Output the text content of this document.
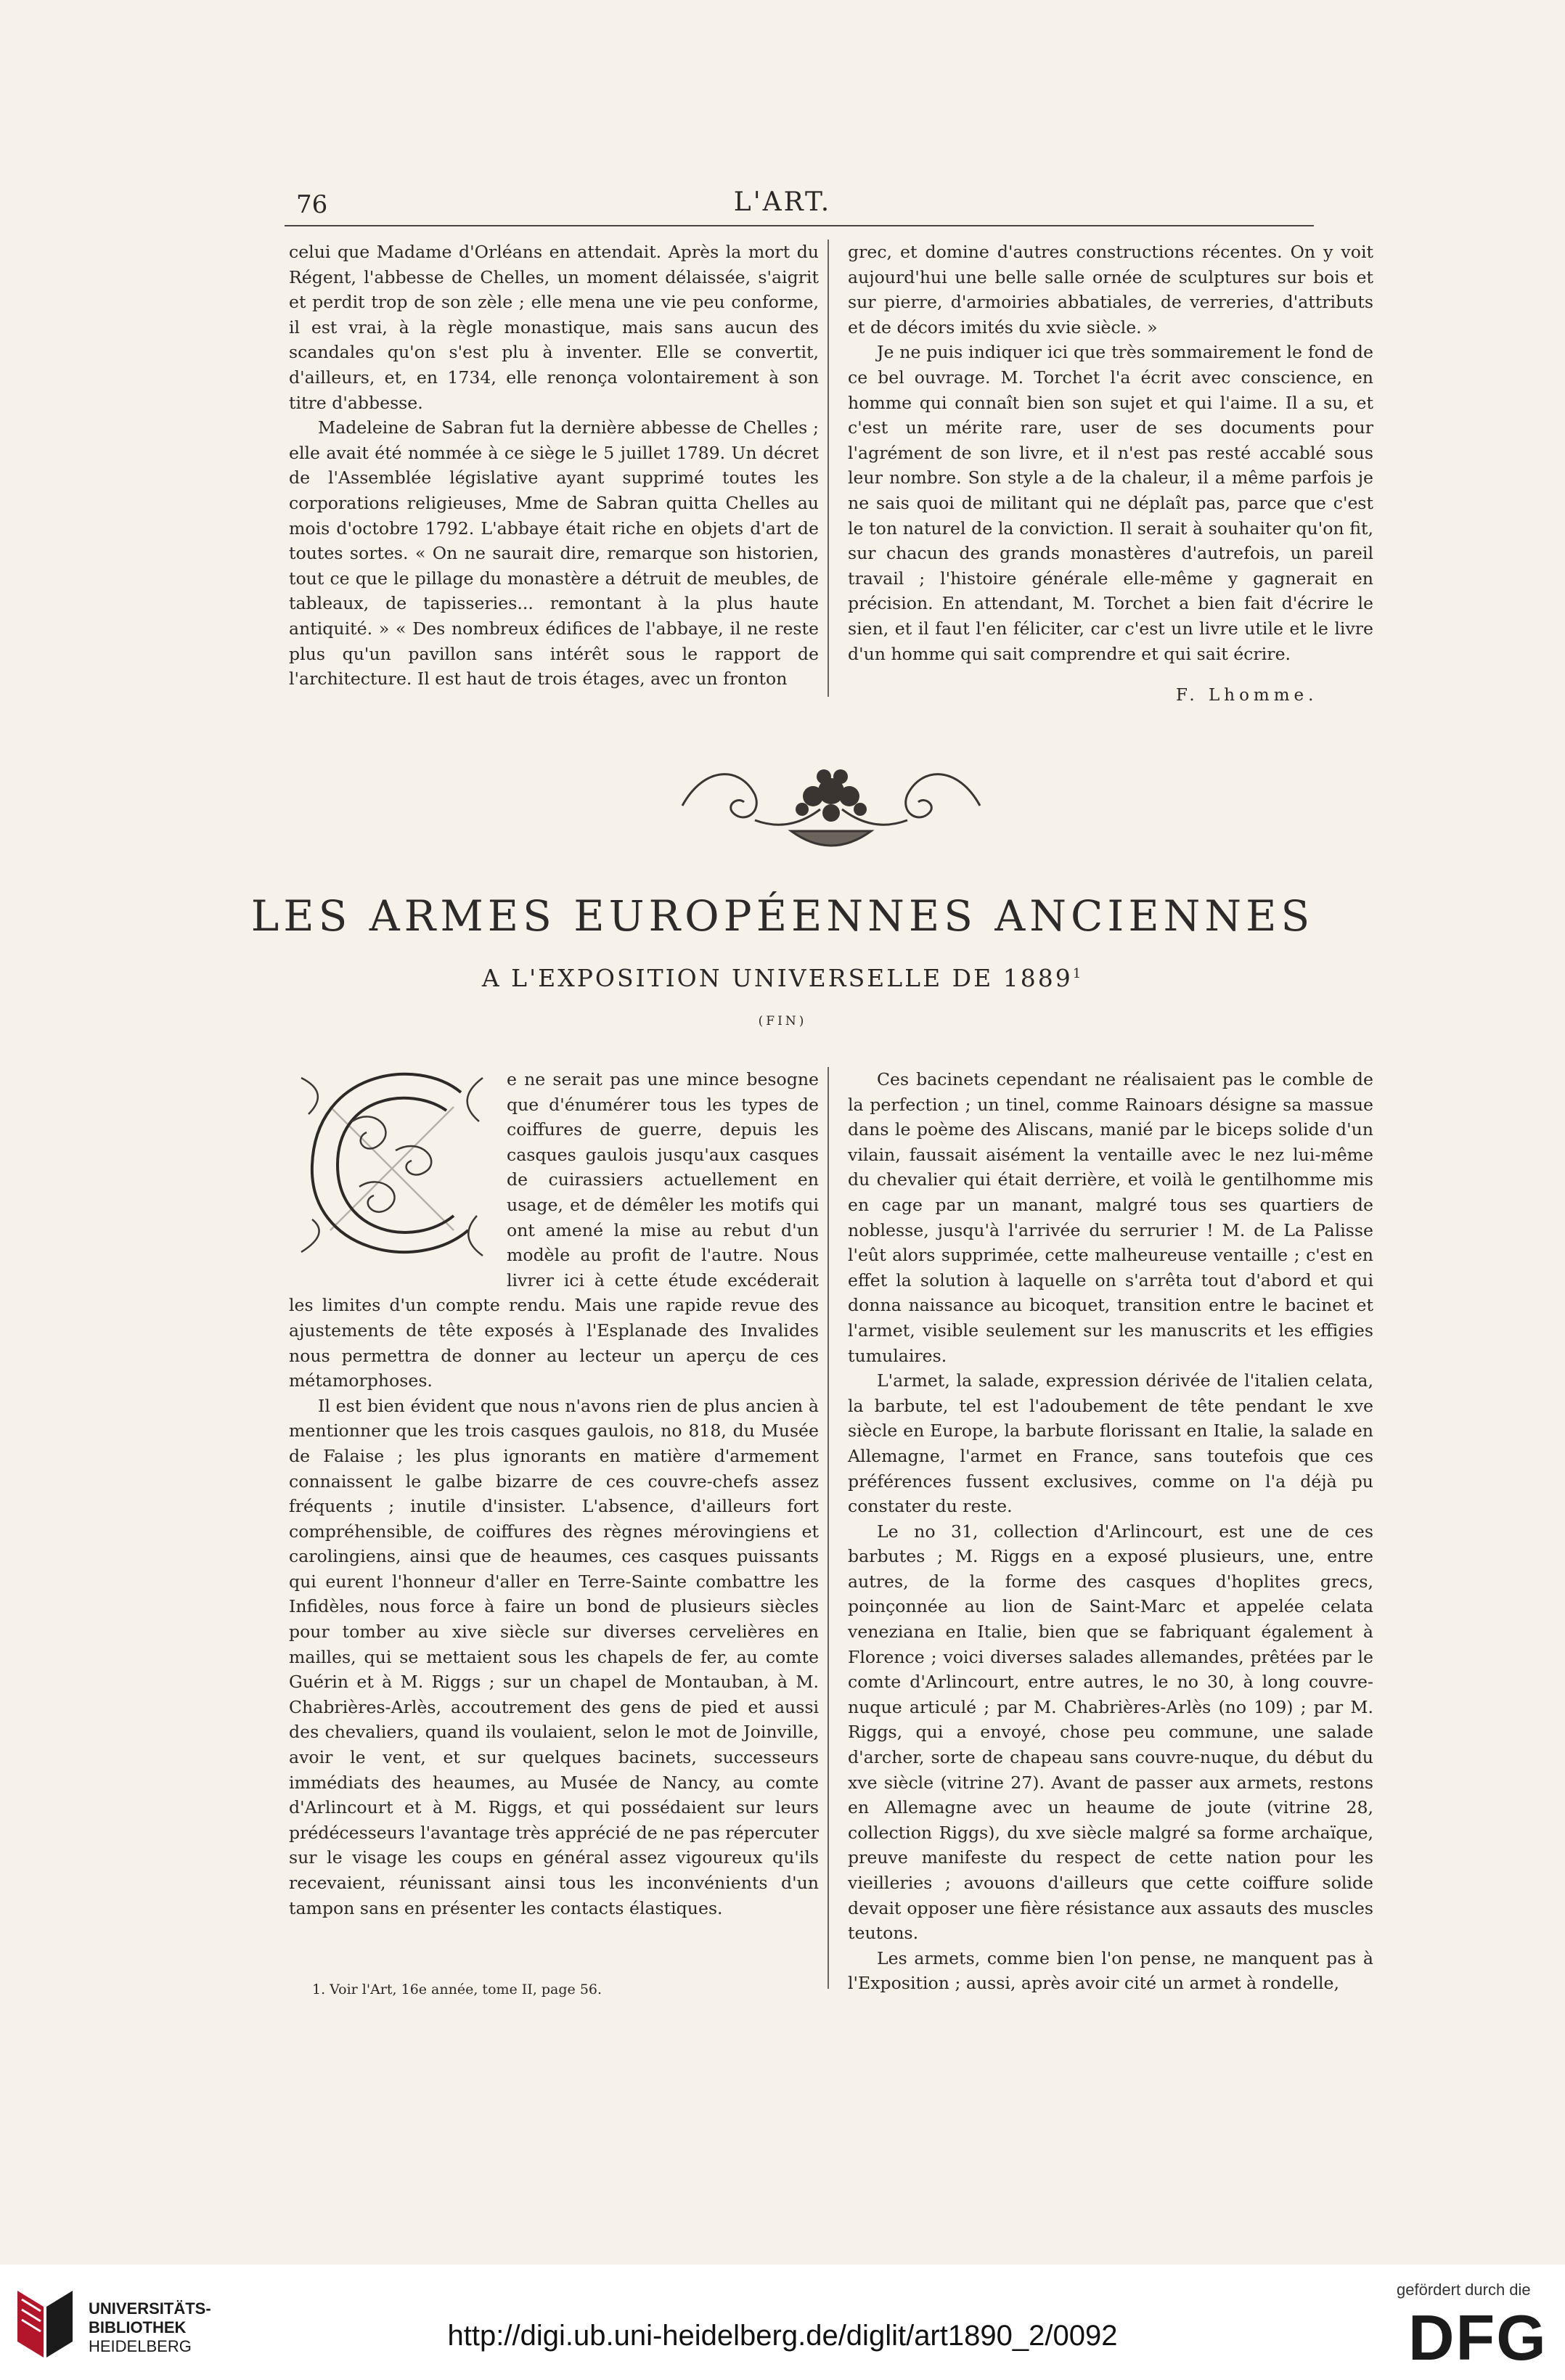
76	L'ART.

celui que Madame d'Orléans en attendait. Après la mort du Régent, l'abbesse de Chelles, un moment délaissée, s'aigrit et perdit trop de son zèle ; elle mena une vie peu conforme, il est vrai, à la règle monastique, mais sans aucun des scandales qu'on s'est plu à inventer. Elle se convertit, d'ailleurs, et, en 1734, elle renonça volontairement à son titre d'abbesse.

Madeleine de Sabran fut la dernière abbesse de Chelles ; elle avait été nommée à ce siège le 5 juillet 1789. Un décret de l'Assemblée législative ayant supprimé toutes les corporations religieuses, Mme de Sabran quitta Chelles au mois d'octobre 1792. L'abbaye était riche en objets d'art de toutes sortes. « On ne saurait dire, remarque son historien, tout ce que le pillage du monastère a détruit de meubles, de tableaux, de tapisseries... remontant à la plus haute antiquité. » « Des nombreux édifices de l'abbaye, il ne reste plus qu'un pavillon sans intérêt sous le rapport de l'architecture. Il est haut de trois étages, avec un fronton

grec, et domine d'autres constructions récentes. On y voit aujourd'hui une belle salle ornée de sculptures sur bois et sur pierre, d'armoiries abbatiales, de verreries, d'attributs et de décors imités du xvie siècle. »

Je ne puis indiquer ici que très sommairement le fond de ce bel ouvrage. M. Torchet l'a écrit avec conscience, en homme qui connaît bien son sujet et qui l'aime. Il a su, et c'est un mérite rare, user de ses documents pour l'agrément de son livre, et il n'est pas resté accablé sous leur nombre. Son style a de la chaleur, il a même parfois je ne sais quoi de militant qui ne déplaît pas, parce que c'est le ton naturel de la conviction. Il serait à souhaiter qu'on fit, sur chacun des grands monastères d'autrefois, un pareil travail ; l'histoire générale elle-même y gagnerait en précision. En attendant, M. Torchet a bien fait d'écrire le sien, et il faut l'en féliciter, car c'est un livre utile et le livre d'un homme qui sait comprendre et qui sait écrire.

F. Lhomme.
LES ARMES EUROPÉENNES ANCIENNES
A L'EXPOSITION UNIVERSELLE DE 1889$^1$
(FIN)

e ne serait pas une mince besogne que d'énumérer tous les types de coiffures de guerre, depuis les casques gaulois jusqu'aux casques de cuirassiers actuellement en usage, et de démêler les motifs qui ont amené la mise au rebut d'un modèle au profit de l'autre. Nous livrer ici à cette étude excéderait les limites d'un compte rendu. Mais une rapide revue des ajustements de tête exposés à l'Esplanade des Invalides nous permettra de donner au lecteur un aperçu de ces métamorphoses.

Il est bien évident que nous n'avons rien de plus ancien à mentionner que les trois casques gaulois, no 818, du Musée de Falaise ; les plus ignorants en matière d'armement connaissent le galbe bizarre de ces couvre-chefs assez fréquents ; inutile d'insister. L'absence, d'ailleurs fort compréhensible, de coiffures des règnes mérovingiens et carolingiens, ainsi que de heaumes, ces casques puissants qui eurent l'honneur d'aller en Terre-Sainte combattre les Infidèles, nous force à faire un bond de plusieurs siècles pour tomber au xive siècle sur diverses cervelières en mailles, qui se mettaient sous les chapels de fer, au comte Guérin et à M. Riggs ; sur un chapel de Montauban, à M. Chabrières-Arlès, accoutrement des gens de pied et aussi des chevaliers, quand ils voulaient, selon le mot de Joinville, avoir le vent, et sur quelques bacinets, successeurs immédiats des heaumes, au Musée de Nancy, au comte d'Arlincourt et à M. Riggs, et qui possédaient sur leurs prédécesseurs l'avantage très apprécié de ne pas répercuter sur le visage les coups en général assez vigoureux qu'ils recevaient, réunissant ainsi tous les inconvénients d'un tampon sans en présenter les contacts élastiques.

Ces bacinets cependant ne réalisaient pas le comble de la perfection ; un tinel, comme Rainoars désigne sa massue dans le poème des Aliscans, manié par le biceps solide d'un vilain, faussait aisément la ventaille avec le nez lui-même du chevalier qui était derrière, et voilà le gentilhomme mis en cage par un manant, malgré tous ses quartiers de noblesse, jusqu'à l'arrivée du serrurier ! M. de La Palisse l'eût alors supprimée, cette malheureuse ventaille ; c'est en effet la solution à laquelle on s'arrêta tout d'abord et qui donna naissance au bicoquet, transition entre le bacinet et l'armet, visible seulement sur les manuscrits et les effigies tumulaires.

L'armet, la salade, expression dérivée de l'italien celata, la barbute, tel est l'adoubement de tête pendant le xve siècle en Europe, la barbute florissant en Italie, la salade en Allemagne, l'armet en France, sans toutefois que ces préférences fussent exclusives, comme on l'a déjà pu constater du reste.

Le no 31, collection d'Arlincourt, est une de ces barbutes ; M. Riggs en a exposé plusieurs, une, entre autres, de la forme des casques d'hoplites grecs, poinçonnée au lion de Saint-Marc et appelée celata veneziana en Italie, bien que se fabriquant également à Florence ; voici diverses salades allemandes, prêtées par le comte d'Arlincourt, entre autres, le no 30, à long couvre-nuque articulé ; par M. Chabrières-Arlès (no 109) ; par M. Riggs, qui a envoyé, chose peu commune, une salade d'archer, sorte de chapeau sans couvre-nuque, du début du xve siècle (vitrine 27). Avant de passer aux armets, restons en Allemagne avec un heaume de joute (vitrine 28, collection Riggs), du xve siècle malgré sa forme archaïque, preuve manifeste du respect de cette nation pour les vieilleries ; avouons d'ailleurs que cette coiffure solide devait opposer une fière résistance aux assauts des muscles teutons.

Les armets, comme bien l'on pense, ne manquent pas à l'Exposition ; aussi, après avoir cité un armet à rondelle,

1. Voir l'Art, 16e année, tome II, page 56.
UNIVERSITÄTS-
BIBLIOTHEK
HEIDELBERG	http://digi.ub.uni-heidelberg.de/diglit/art1890_2/0092
gefördert durch die
DFG
